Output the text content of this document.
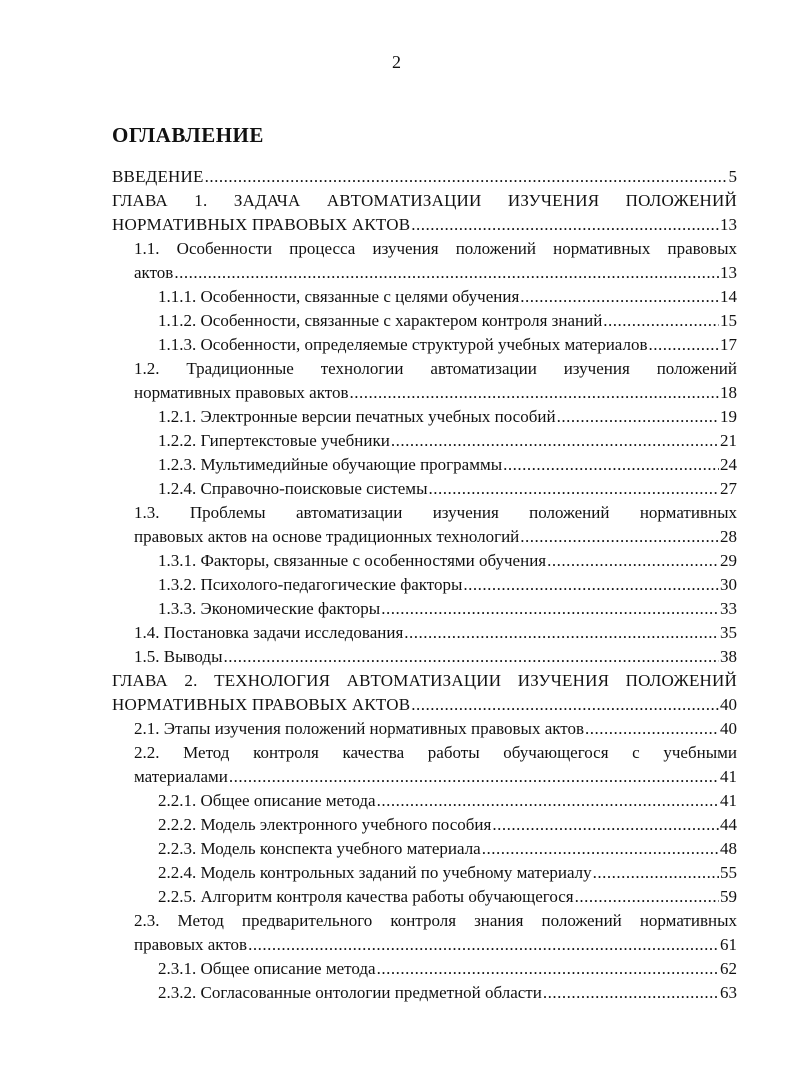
2
ОГЛАВЛЕНИЕ
ВВЕДЕНИЕ .....	5
ГЛАВА 1. ЗАДАЧА АВТОМАТИЗАЦИИ ИЗУЧЕНИЯ ПОЛОЖЕНИЙ
НОРМАТИВНЫХ ПРАВОВЫХ АКТОВ .....	13
1.1. Особенности процесса изучения положений нормативных правовых
актов .....	13
1.1.1. Особенности, связанные с целями обучения .....	14
1.1.2. Особенности, связанные с характером контроля знаний .....	15
1.1.3. Особенности, определяемые структурой учебных материалов .....	17
1.2. Традиционные технологии автоматизации изучения положений
нормативных правовых актов .....	18
1.2.1. Электронные версии печатных учебных пособий .....	19
1.2.2. Гипертекстовые учебники .....	21
1.2.3. Мультимедийные обучающие программы .....	24
1.2.4. Справочно-поисковые системы .....	27
1.3. Проблемы автоматизации изучения положений нормативных
правовых актов на основе традиционных технологий .....	28
1.3.1. Факторы, связанные с особенностями обучения .....	29
1.3.2. Психолого-педагогические факторы .....	30
1.3.3. Экономические факторы .....	33
1.4. Постановка задачи исследования .....	35
1.5. Выводы .....	38
ГЛАВА 2. ТЕХНОЛОГИЯ АВТОМАТИЗАЦИИ ИЗУЧЕНИЯ ПОЛОЖЕНИЙ
НОРМАТИВНЫХ ПРАВОВЫХ АКТОВ .....	40
2.1. Этапы изучения положений нормативных правовых актов .....	40
2.2. Метод контроля качества работы обучающегося с учебными
материалами .....	41
2.2.1. Общее описание метода .....	41
2.2.2. Модель электронного учебного пособия .....	44
2.2.3. Модель конспекта учебного материала .....	48
2.2.4. Модель контрольных заданий по учебному материалу .....	55
2.2.5. Алгоритм контроля качества работы обучающегося .....	59
2.3. Метод предварительного контроля знания положений нормативных
правовых актов .....	61
2.3.1. Общее описание метода .....	62
2.3.2. Согласованные онтологии предметной области .....	63
